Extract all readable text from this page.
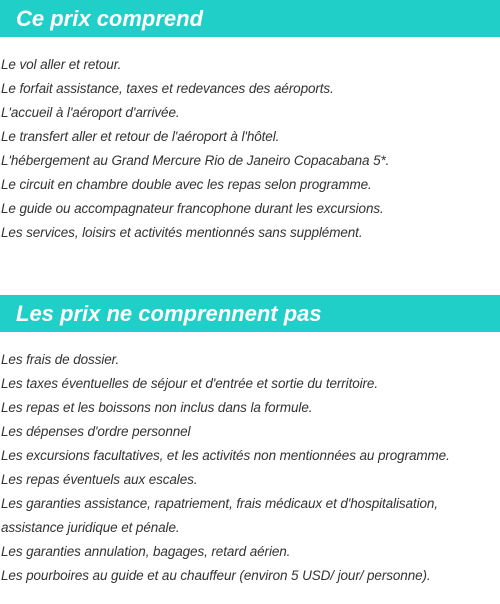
Ce prix comprend
Le vol aller et retour.
Le forfait assistance, taxes et redevances des aéroports.
L'accueil à l'aéroport d'arrivée.
Le transfert aller et retour de l'aéroport à l'hôtel.
L'hébergement au Grand Mercure Rio de Janeiro Copacabana 5*.
Le circuit en chambre double avec les repas selon programme.
Le guide ou accompagnateur francophone durant les excursions.
Les services, loisirs et activités mentionnés sans supplément.
Les prix ne comprennent pas
Les frais de dossier.
Les taxes éventuelles de séjour et d'entrée et sortie du territoire.
Les repas et les boissons non inclus dans la formule.
Les dépenses d'ordre personnel
Les excursions facultatives, et les activités non mentionnées au programme.
Les repas éventuels aux escales.
Les garanties assistance, rapatriement, frais médicaux et d'hospitalisation,
assistance juridique et pénale.
Les garanties annulation, bagages, retard aérien.
Les pourboires au guide et au chauffeur (environ 5 USD/ jour/ personne).
